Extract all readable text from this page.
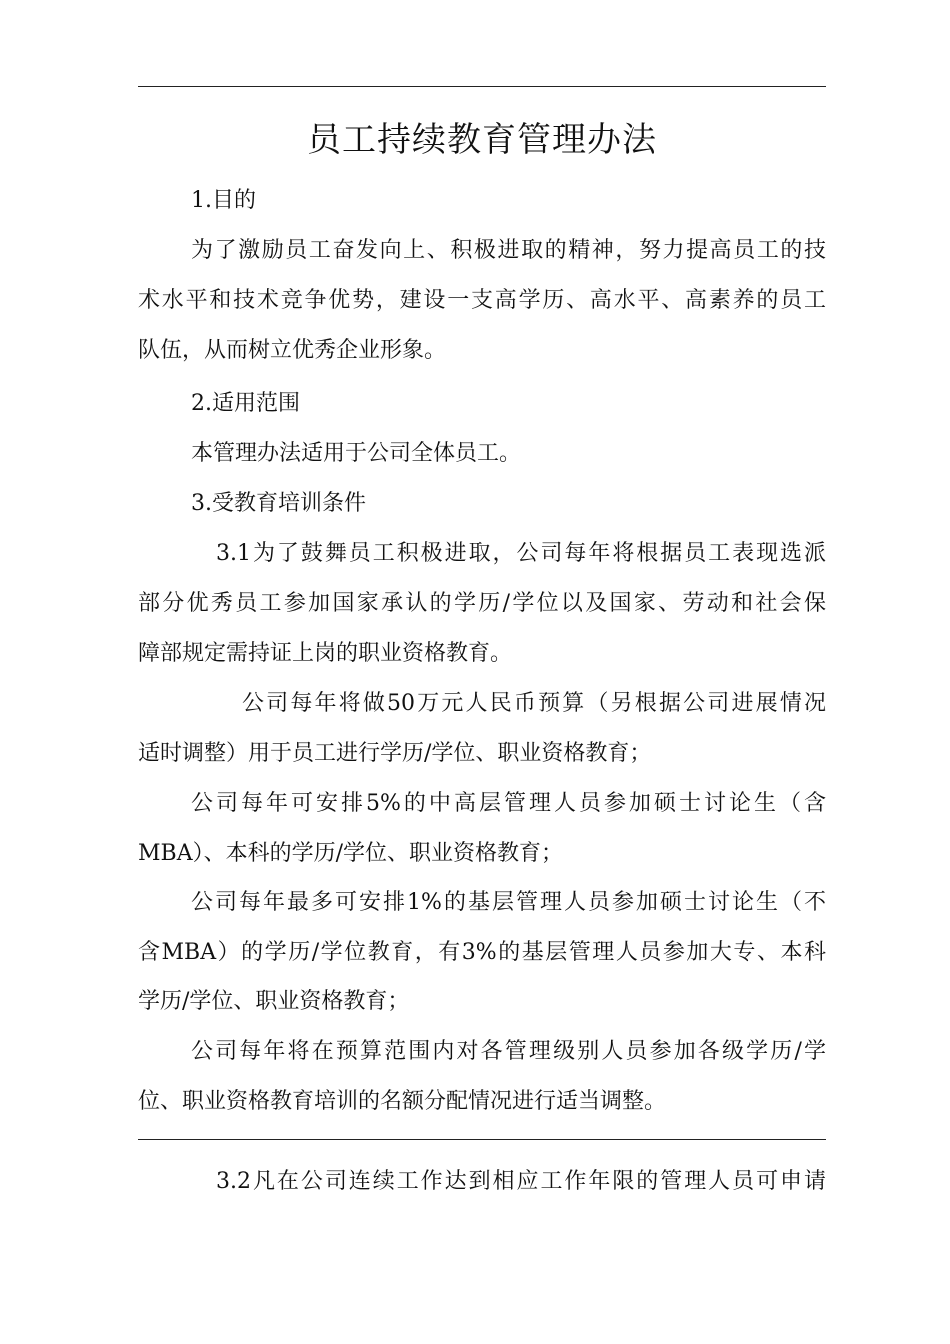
员工持续教育管理办法
1.目的
为了激励员工奋发向上、积极进取的精神，努力提高员工的技
术水平和技术竞争优势，建设一支高学历、高水平、高素养的员工
队伍，从而树立优秀企业形象。
2.适用范围
本管理办法适用于公司全体员工。
3.受教育培训条件
3.1为了鼓舞员工积极进取，公司每年将根据员工表现选派
部分优秀员工参加国家承认的学历/学位以及国家、劳动和社会保
障部规定需持证上岗的职业资格教育。
公司每年将做50万元人民币预算（另根据公司进展情况
适时调整）用于员工进行学历/学位、职业资格教育；
公司每年可安排5%的中高层管理人员参加硕士讨论生（含
MBA）、本科的学历/学位、职业资格教育；
公司每年最多可安排1%的基层管理人员参加硕士讨论生（不
含MBA）的学历/学位教育，有3%的基层管理人员参加大专、本科
学历/学位、职业资格教育；
公司每年将在预算范围内对各管理级别人员参加各级学历/学
位、职业资格教育培训的名额分配情况进行适当调整。
3.2凡在公司连续工作达到相应工作年限的管理人员可申请
